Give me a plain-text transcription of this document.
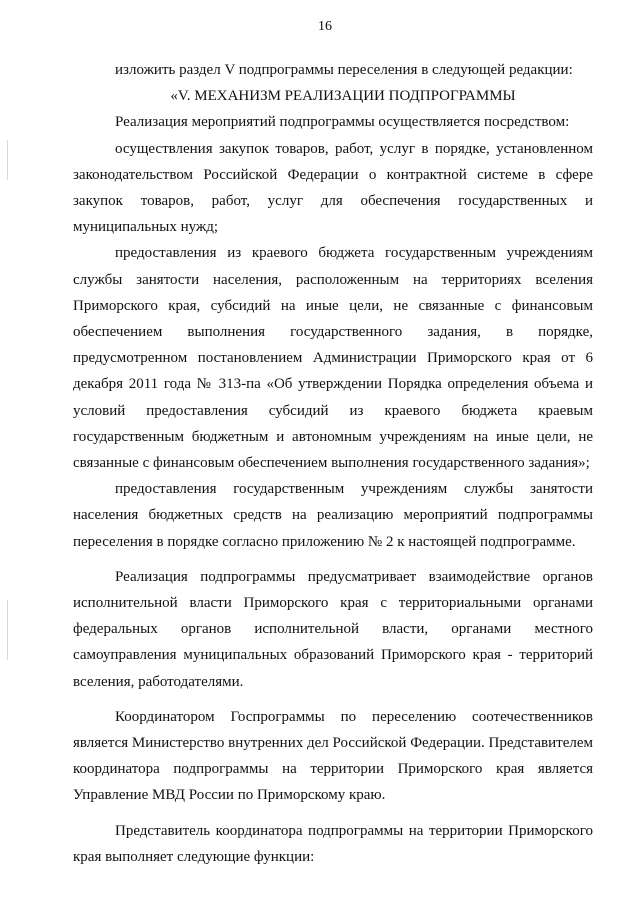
16

изложить раздел V подпрограммы переселения в следующей редакции:

«V. МЕХАНИЗМ РЕАЛИЗАЦИИ ПОДПРОГРАММЫ

Реализация мероприятий подпрограммы осуществляется посредством:

осуществления закупок товаров, работ, услуг в порядке, установленном законодательством Российской Федерации о контрактной системе в сфере закупок товаров, работ, услуг для обеспечения государственных и муниципальных нужд;

предоставления из краевого бюджета государственным учреждениям службы занятости населения, расположенным на территориях вселения Приморского края, субсидий на иные цели, не связанные с финансовым обеспечением выполнения государственного задания, в порядке, предусмотренном постановлением Администрации Приморского края от 6 декабря 2011 года № 313-па «Об утверждении Порядка определения объема и условий предоставления субсидий из краевого бюджета краевым государственным бюджетным и автономным учреждениям на иные цели, не связанные с финансовым обеспечением выполнения государственного задания»;

предоставления государственным учреждениям службы занятости населения бюджетных средств на реализацию мероприятий подпрограммы переселения в порядке согласно приложению № 2 к настоящей подпрограмме.

Реализация подпрограммы предусматривает взаимодействие органов исполнительной власти Приморского края с территориальными органами федеральных органов исполнительной власти, органами местного самоуправления муниципальных образований Приморского края - территорий вселения, работодателями.

Координатором Госпрограммы по переселению соотечественников является Министерство внутренних дел Российской Федерации. Представителем координатора подпрограммы на территории Приморского края является Управление МВД России по Приморскому краю.

Представитель координатора подпрограммы на территории Приморского края выполняет следующие функции:
